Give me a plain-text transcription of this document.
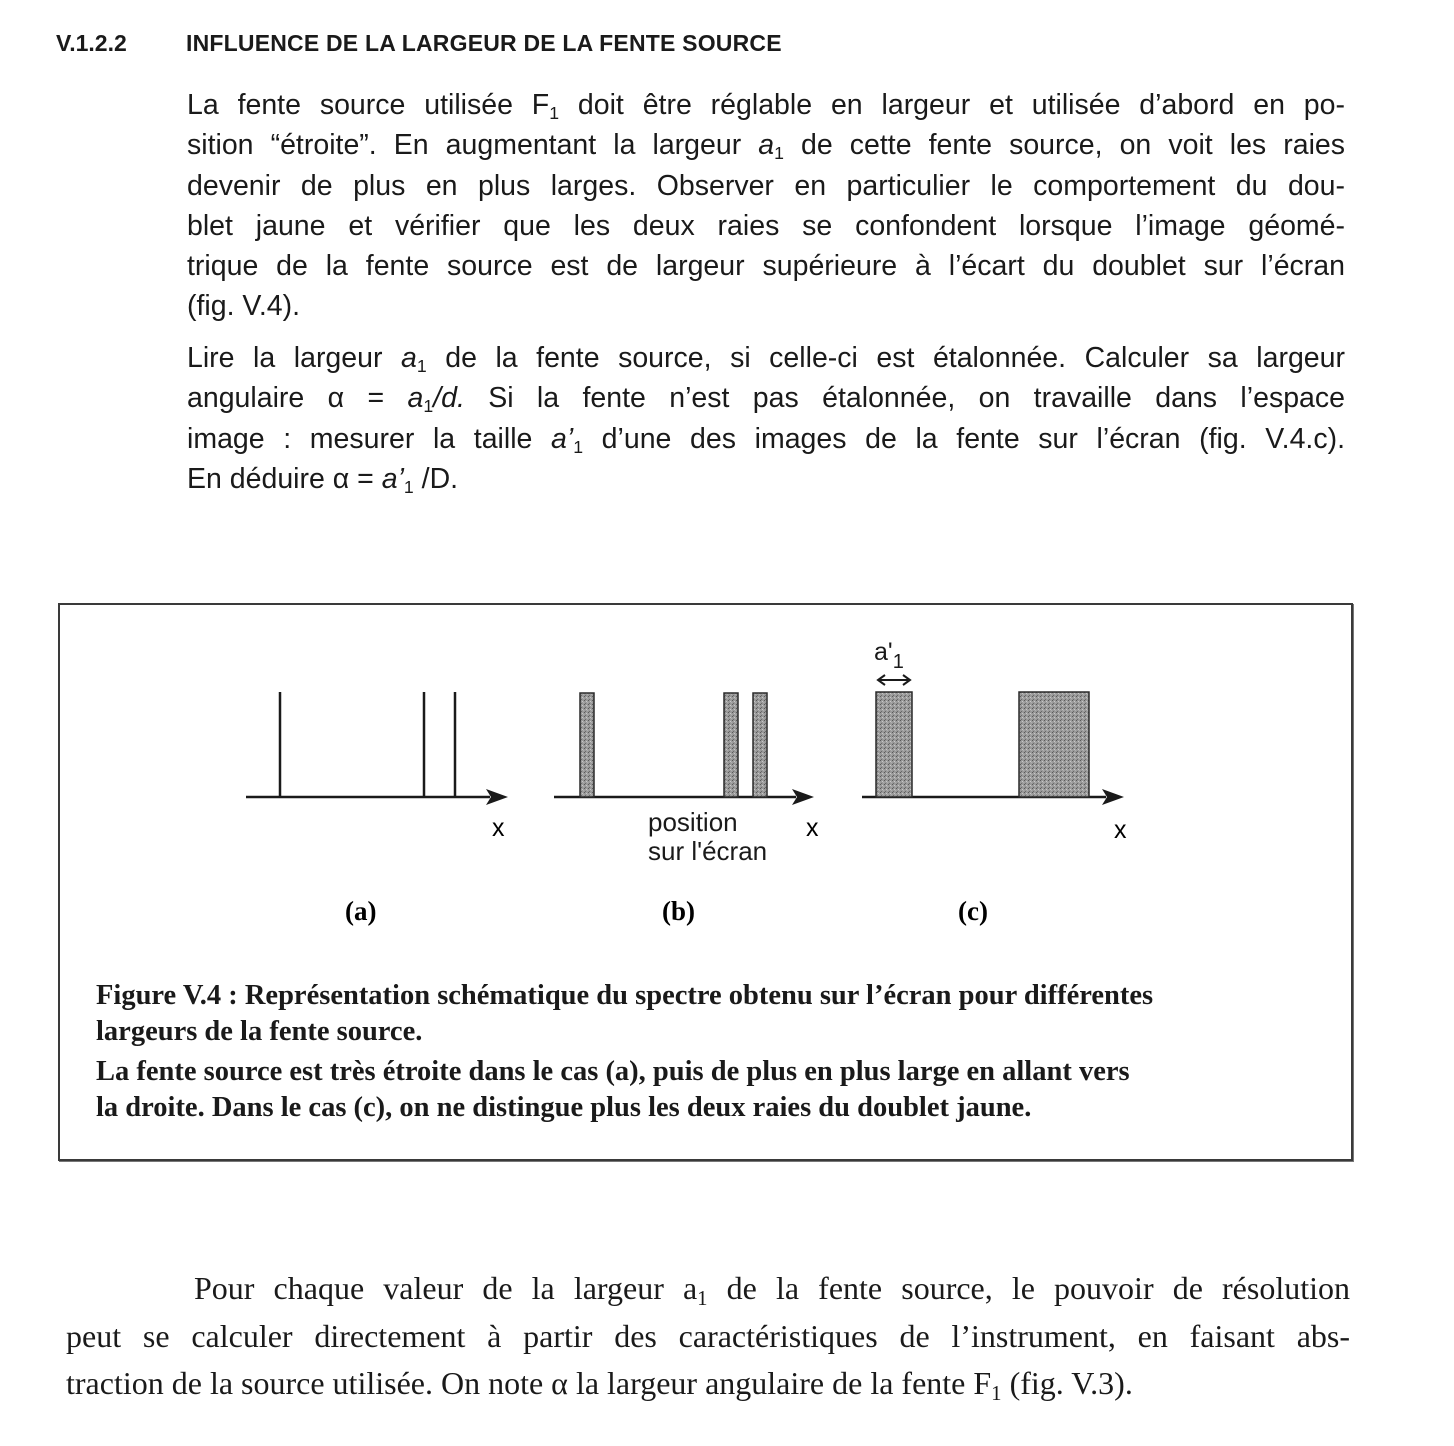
V.1.2.2	INFLUENCE DE LA LARGEUR DE LA FENTE SOURCE
La fente source utilisée $F_1$ doit être réglable en largeur et utilisée d’abord en po-
sition “étroite”. En augmentant la largeur $a_1$ de cette fente source, on voit les raies
devenir de plus en plus larges. Observer en particulier le comportement du dou-
blet jaune et vérifier que les deux raies se confondent lorsque l’image géomé-
trique de la fente source est de largeur supérieure à l’écart du doublet sur l’écran
(fig. V.4).
Lire la largeur $a_1$ de la fente source, si celle-ci est étalonnée. Calculer sa largeur
angulaire $\alpha = a_1/d$. Si la fente n’est pas étalonnée, on travaille dans l’espace
image : mesurer la taille $a’_1$ d’une des images de la fente sur l’écran (fig. V.4.c).
En déduire $\alpha = a’_1$ /D.
x	x	x
(a)	(b)	(c)
$a'_1$
position
sur l'écran
Figure V.4 : Représentation schématique du spectre obtenu sur l’écran pour différentes
largeurs de la fente source.
La fente source est très étroite dans le cas (a), puis de plus en plus large en allant vers
la droite. Dans le cas (c), on ne distingue plus les deux raies du doublet jaune.
Pour chaque valeur de la largeur $a_1$ de la fente source, le pouvoir de résolution
peut se calculer directement à partir des caractéristiques de l’instrument, en faisant abs-
traction de la source utilisée. On note α la largeur angulaire de la fente $F_1$ (fig. V.3).
